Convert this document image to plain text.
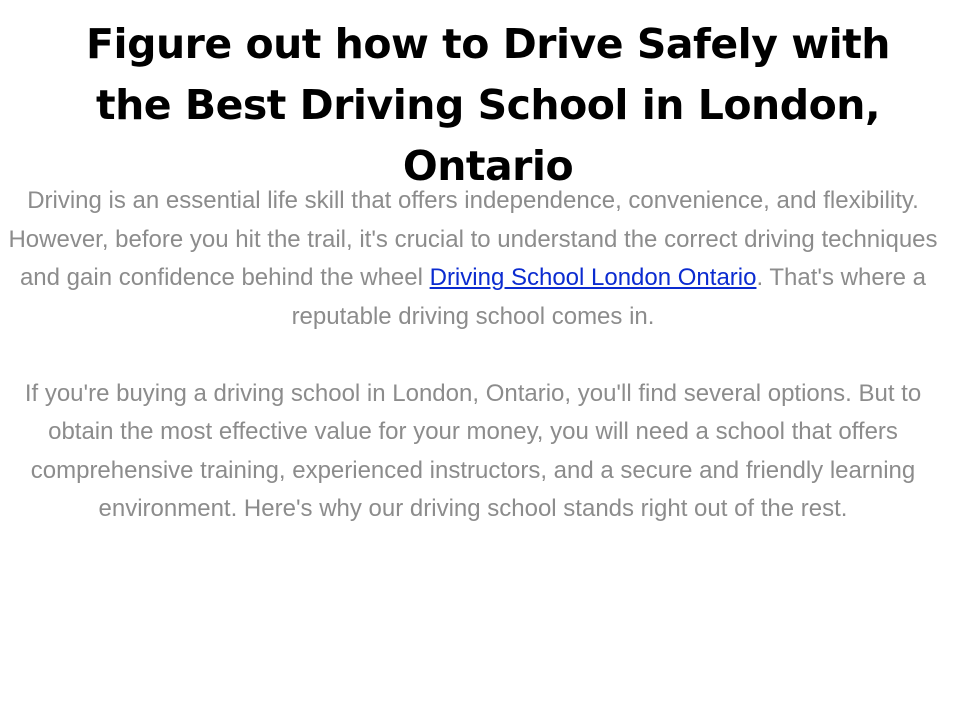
Figure out how to Drive Safely with the Best Driving School in London, Ontario

Driving is an essential life skill that offers independence, convenience, and flexibility. However, before you hit the trail, it's crucial to understand the correct driving techniques and gain confidence behind the wheel Driving School London Ontario. That's where a reputable driving school comes in.

If you're buying a driving school in London, Ontario, you'll find several options. But to obtain the most effective value for your money, you will need a school that offers comprehensive training, experienced instructors, and a secure and friendly learning environment. Here's why our driving school stands right out of the rest.
